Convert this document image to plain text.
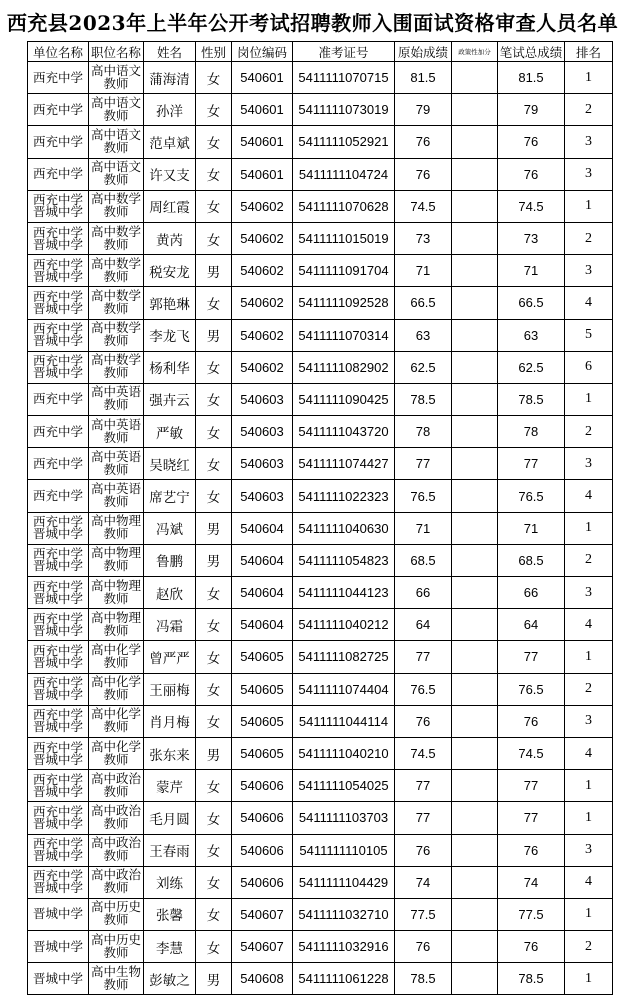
西充县2023年上半年公开考试招聘教师入围面试资格审查人员名单
单位名称	职位名称	姓名	性别	岗位编码	准考证号	原始成绩	政策性加分	笔试总成绩	排名
西充中学	高中语文教师	蒲海清	女	540601	5411111070715	81.5		81.5	1
西充中学	高中语文教师	孙洋	女	540601	5411111073019	79		79	2
西充中学	高中语文教师	范卓斌	女	540601	5411111052921	76		76	3
西充中学	高中语文教师	许又支	女	540601	5411111104724	76		76	3
西充中学晋城中学	高中数学教师	周红霞	女	540602	5411111070628	74.5		74.5	1
西充中学晋城中学	高中数学教师	黄芮	女	540602	5411111015019	73		73	2
西充中学晋城中学	高中数学教师	税安龙	男	540602	5411111091704	71		71	3
西充中学晋城中学	高中数学教师	郭艳琳	女	540602	5411111092528	66.5		66.5	4
西充中学晋城中学	高中数学教师	李龙飞	男	540602	5411111070314	63		63	5
西充中学晋城中学	高中数学教师	杨利华	女	540602	5411111082902	62.5		62.5	6
西充中学	高中英语教师	强卉云	女	540603	5411111090425	78.5		78.5	1
西充中学	高中英语教师	严敏	女	540603	5411111043720	78		78	2
西充中学	高中英语教师	吴晓红	女	540603	5411111074427	77		77	3
西充中学	高中英语教师	席艺宁	女	540603	5411111022323	76.5		76.5	4
西充中学晋城中学	高中物理教师	冯斌	男	540604	5411111040630	71		71	1
西充中学晋城中学	高中物理教师	鲁鹏	男	540604	5411111054823	68.5		68.5	2
西充中学晋城中学	高中物理教师	赵欣	女	540604	5411111044123	66		66	3
西充中学晋城中学	高中物理教师	冯霜	女	540604	5411111040212	64		64	4
西充中学晋城中学	高中化学教师	曾严严	女	540605	5411111082725	77		77	1
西充中学晋城中学	高中化学教师	王丽梅	女	540605	5411111074404	76.5		76.5	2
西充中学晋城中学	高中化学教师	肖月梅	女	540605	5411111044114	76		76	3
西充中学晋城中学	高中化学教师	张东来	男	540605	5411111040210	74.5		74.5	4
西充中学晋城中学	高中政治教师	蒙芹	女	540606	5411111054025	77		77	1
西充中学晋城中学	高中政治教师	毛月圆	女	540606	5411111103703	77		77	1
西充中学晋城中学	高中政治教师	王春雨	女	540606	5411111110105	76		76	3
西充中学晋城中学	高中政治教师	刘练	女	540606	5411111104429	74		74	4
晋城中学	高中历史教师	张馨	女	540607	5411111032710	77.5		77.5	1
晋城中学	高中历史教师	李慧	女	540607	5411111032916	76		76	2
晋城中学	高中生物教师	彭敏之	男	540608	5411111061228	78.5		78.5	1
